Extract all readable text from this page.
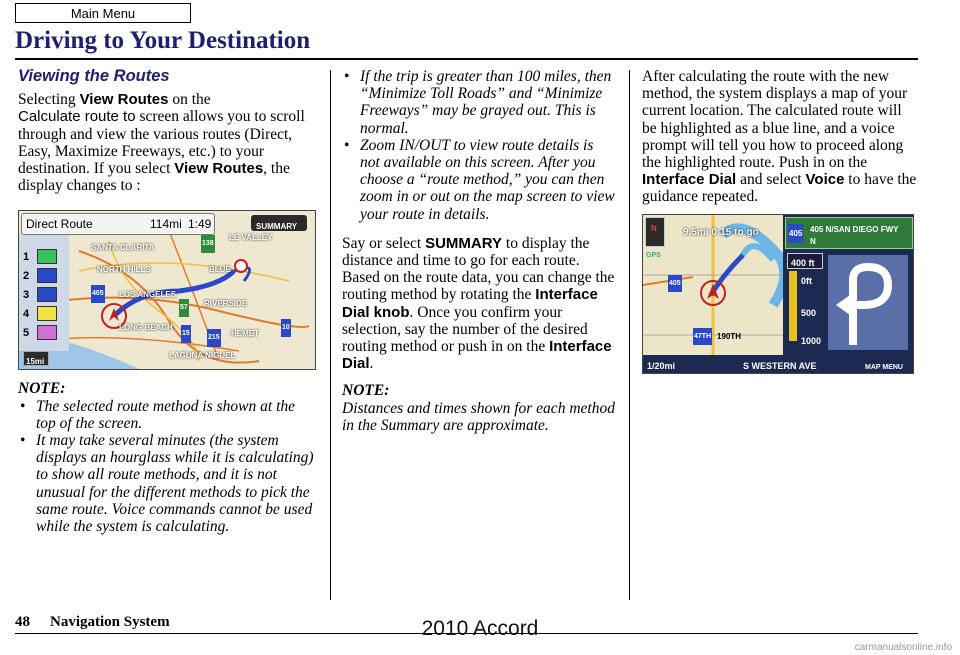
Main Menu
Driving to Your Destination
Viewing the Routes

Selecting View Routes on the
Calculate route to screen allows you to scroll through and view the various routes (Direct, Easy, Maximize Freeways, etc.) to your destination. If you select View Routes, the display changes to :

Direct Route	114mi 1:49	SUMMARY
1
2
3
4
5
SANTA CLARITA
NORTH HILLS
LOS ANGELES
BLUE
RIVERSIDE
LONG BEACH
HEMET
LAGUNA NIGUEL
LE VALLEY
405
57
15
215
10
138
15mi
NOTE:
• The selected route method is shown at the top of the screen.
• It may take several minutes (the system displays an hourglass while it is calculating) to show all route methods, and it is not unusual for the different methods to pick the same route. Voice commands cannot be used while the system is calculating.
• If the trip is greater than 100 miles, then “Minimize Toll Roads” and “Minimize Freeways” may be grayed out. This is normal.
• Zoom IN/OUT to view route details is not available on this screen. After you choose a “route method,” you can then zoom in or out on the map screen to view your route in details.

Say or select SUMMARY to display the distance and time to go for each route. Based on the route data, you can change the routing method by rotating the Interface Dial knob. Once you confirm your selection, say the number of the desired routing method or push in on the Interface Dial.

NOTE:

Distances and times shown for each method in the Summary are approximate.

After calculating the route with the new method, the system displays a map of your current location. The calculated route will be highlighted as a blue line, and a voice prompt will tell you how to proceed along the highlighted route. Push in on the Interface Dial and select Voice to have the guidance repeated.

N
GPS
9.5mi 0:15 to go
405
47TH 190TH
405 405 N/SAN DIEGO FWY
N
400 ft
0ft
500
1000
1/20mi	S WESTERN AVE	MAP MENU
48 Navigation System	2010 Accord
carmanualsonline.info
